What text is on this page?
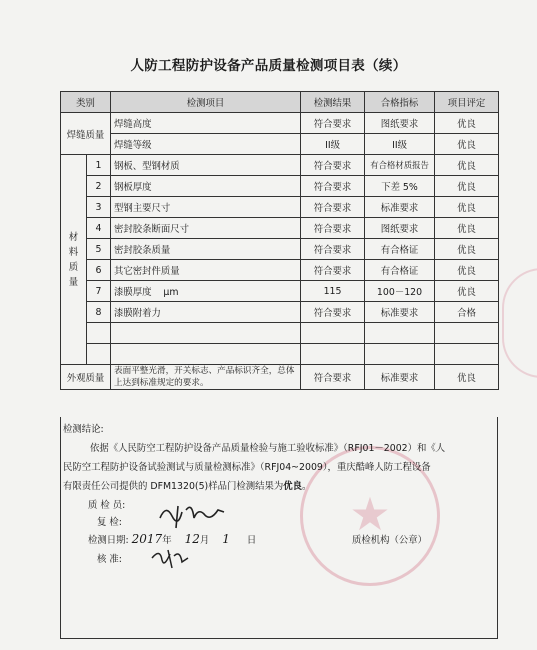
人防工程防护设备产品质量检测项目表（续）
类别		检测项目	检测结果	合格指标	项目评定
焊缝质量		焊缝高度	符合要求	图纸要求	优良
		焊缝等级	II级	II级	优良
材料质量	1	钢板、型钢材质	符合要求	有合格材质报告	优良
	2	钢板厚度	符合要求	下差 5%	优良
	3	型钢主要尺寸	符合要求	标准要求	优良
	4	密封胶条断面尺寸	符合要求	图纸要求	优良
	5	密封胶条质量	符合要求	有合格证	优良
	6	其它密封件质量	符合要求	有合格证	优良
	7	漆膜厚度    μm	115	100－120	优良
	8	漆膜附着力	符合要求	标准要求	合格

外观质量		表面平整光滑，开关标志、产品标识齐全，总体上达到标准规定的要求。	符合要求	标准要求	优良
★
检测结论:
依据《人民防空工程防护设备产品质量检验与施工验收标准》（RFJ01－2002）和《人
民防空工程防护设备试验测试与质量检测标准》（RFJ04~2009），重庆酷峰人防工程设备
有限责任公司提供的 DFM1320(5)样品门检测结果为优良。
质 检 员:
复 检:
检测日期: 2017年 12月 1 日	质检机构（公章）
核 准:
